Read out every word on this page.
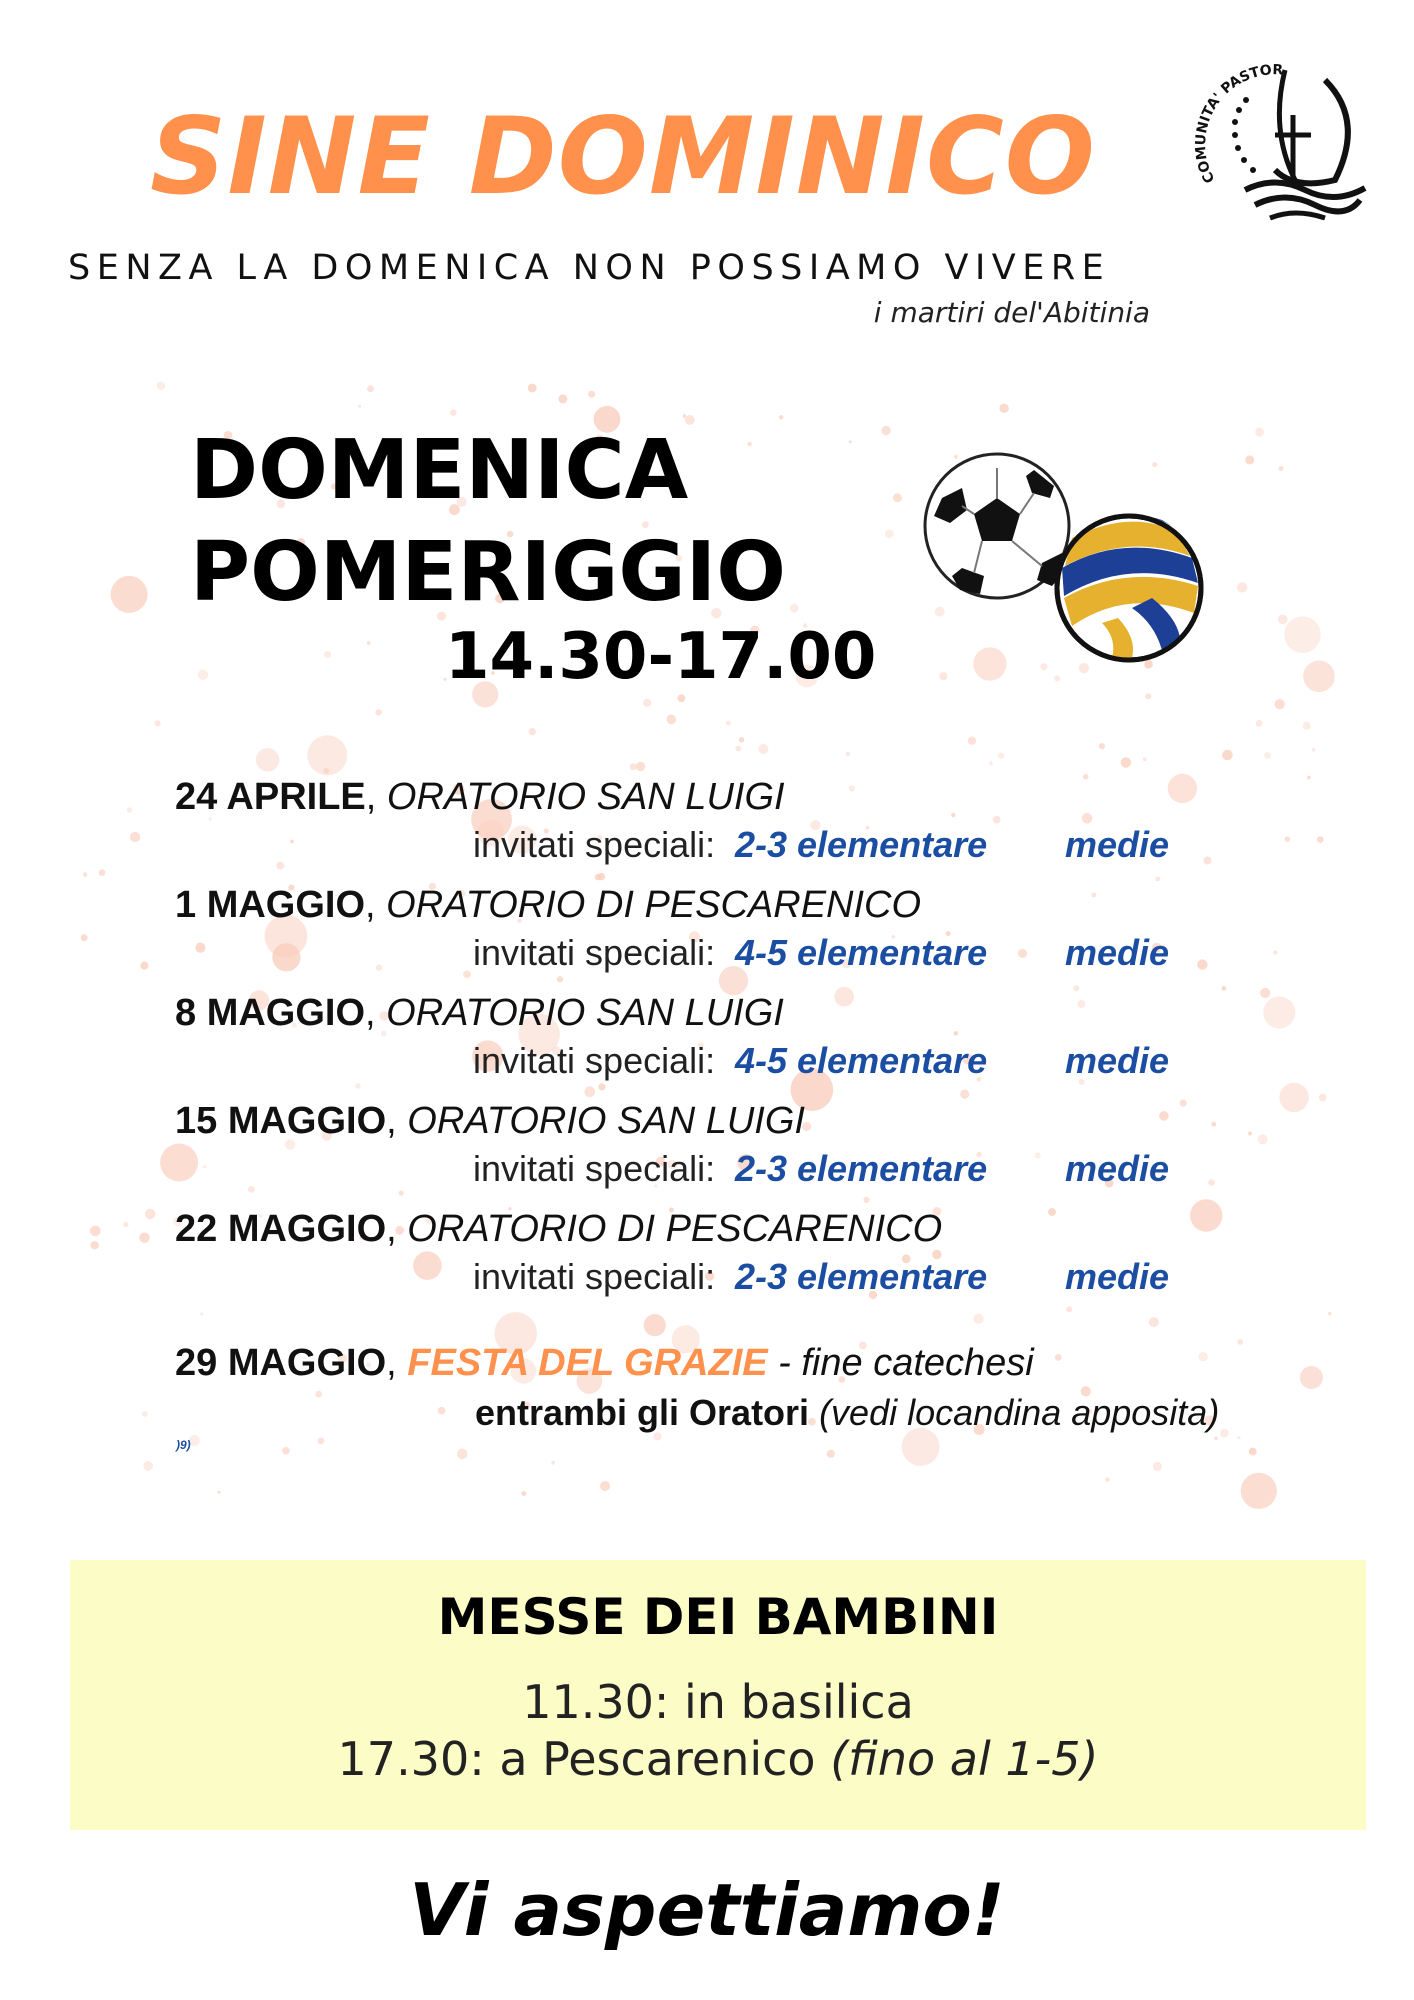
SINE DOMINICO
SENZA LA DOMENICA NON POSSIAMO VIVERE
i martiri del'Abitinia
COMUNITA' PASTOR
DOMENICA
POMERIGGIO
14.30-17.00
24 APRILE, ORATORIO SAN LUIGI
invitati speciali: 2-3 elementare medie
1 MAGGIO, ORATORIO DI PESCARENICO
invitati speciali: 4-5 elementare medie
8 MAGGIO, ORATORIO SAN LUIGI
invitati speciali: 4-5 elementare medie
15 MAGGIO, ORATORIO SAN LUIGI
invitati speciali: 2-3 elementare medie
22 MAGGIO, ORATORIO DI PESCARENICO
invitati speciali: 2-3 elementare medie
29 MAGGIO, FESTA DEL GRAZIE - fine catechesi
entrambi gli Oratori (vedi locandina apposita)
)9)
MESSE DEI BAMBINI
11.30: in basilica
17.30: a Pescarenico (fino al 1-5)
Vi aspettiamo!
